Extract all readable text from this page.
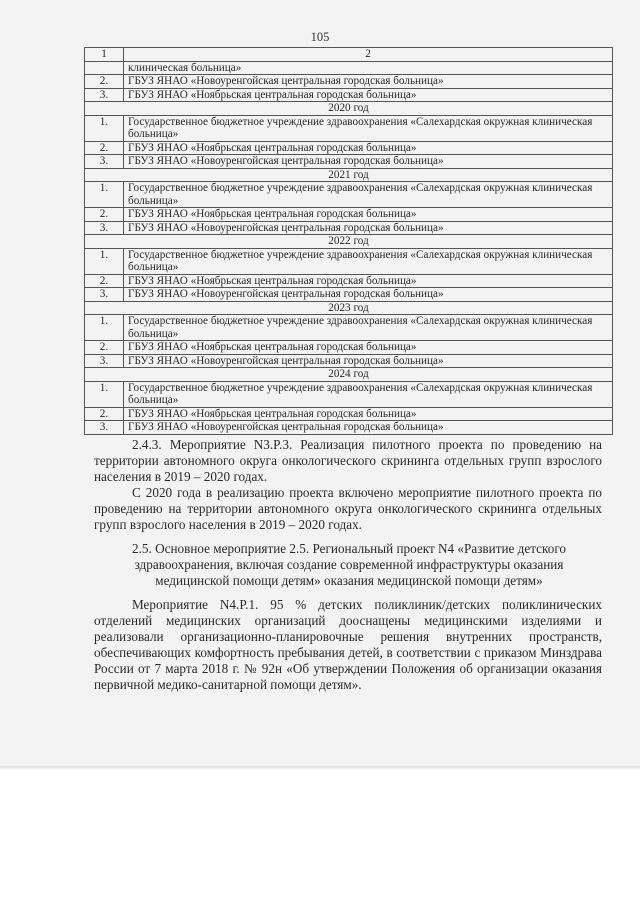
105
1	2
	клиническая больница»
2.	ГБУЗ ЯНАО «Новоуренгойская центральная городская больница»
3.	ГБУЗ ЯНАО «Ноябрьская центральная городская больница»
2020 год	
1.	Государственное бюджетное учреждение здравоохранения «Салехардская окружная клиническая больница»
2.	ГБУЗ ЯНАО «Ноябрьская центральная городская больница»
3.	ГБУЗ ЯНАО «Новоуренгойская центральная городская больница»
2021 год	
1.	Государственное бюджетное учреждение здравоохранения «Салехардская окружная клиническая больница»
2.	ГБУЗ ЯНАО «Ноябрьская центральная городская больница»
3.	ГБУЗ ЯНАО «Новоуренгойская центральная городская больница»
2022 год	
1.	Государственное бюджетное учреждение здравоохранения «Салехардская окружная клиническая больница»
2.	ГБУЗ ЯНАО «Ноябрьская центральная городская больница»
3.	ГБУЗ ЯНАО «Новоуренгойская центральная городская больница»
2023 год	
1.	Государственное бюджетное учреждение здравоохранения «Салехардская окружная клиническая больница»
2.	ГБУЗ ЯНАО «Ноябрьская центральная городская больница»
3.	ГБУЗ ЯНАО «Новоуренгойская центральная городская больница»
2024 год	
1.	Государственное бюджетное учреждение здравоохранения «Салехардская окружная клиническая больница»
2.	ГБУЗ ЯНАО «Ноябрьская центральная городская больница»
3.	ГБУЗ ЯНАО «Новоуренгойская центральная городская больница»

2.4.3. Мероприятие N3.P.3. Реализация пилотного проекта по проведению на территории автономного округа онкологического скрининга отдельных групп взрослого населения в 2019 – 2020 годах.

С 2020 года в реализацию проекта включено мероприятие пилотного проекта по проведению на территории автономного округа онкологического скрининга отдельных групп взрослого населения в 2019 – 2020 годах.

2.5. Основное мероприятие 2.5. Региональный проект N4 «Развитие детского здравоохранения, включая создание современной инфраструктуры оказания медицинской помощи детям» оказания медицинской помощи детям»

Мероприятие N4.P.1. 95 % детских поликлиник/детских поликлинических отделений медицинских организаций дооснащены медицинскими изделиями и реализовали организационно-планировочные решения внутренних пространств, обеспечивающих комфортность пребывания детей, в соответствии с приказом Минздрава России от 7 марта 2018 г. № 92н «Об утверждении Положения об организации оказания первичной медико-санитарной помощи детям».
